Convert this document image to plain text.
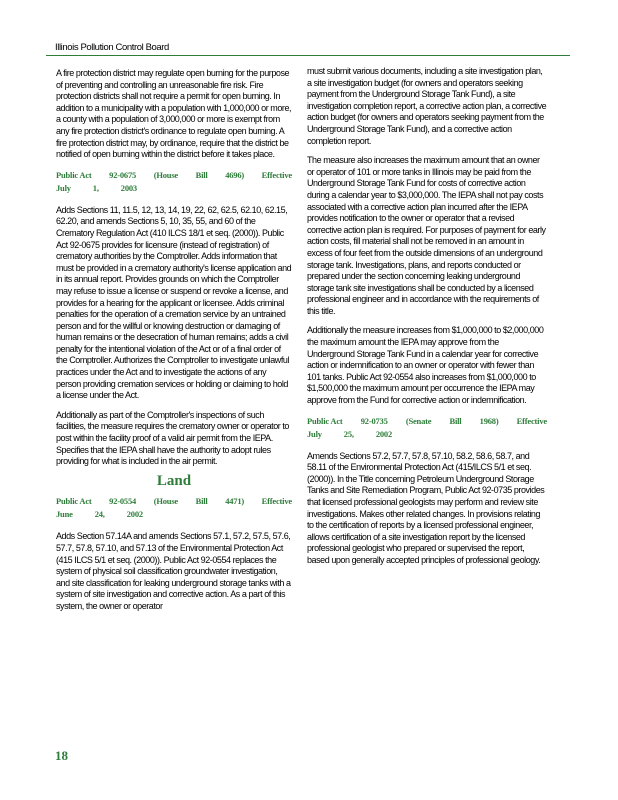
Illinois Pollution Control Board

A fire protection district may regulate open burning for the purpose of preventing and controlling an unreasonable fire risk. Fire protection districts shall not require a permit for open burning. In addition to a municipality with a population with 1,000,000 or more, a county with a population of 3,000,000 or more is exempt from any fire protection district's ordinance to regulate open burning. A fire protection district may, by ordinance, require that the district be notified of open burning within the district before it takes place.

Public Act 92-0675 (House Bill 4696) Effective
July	1,	2003

Adds Sections 11, 11.5, 12, 13, 14, 19, 22, 62, 62.5, 62.10, 62.15, 62.20, and amends Sections 5, 10, 35, 55, and 60 of the Crematory Regulation Act (410 ILCS 18/1 et seq. (2000)). Public Act 92-0675 provides for licensure (instead of registration) of crematory authorities by the Comptroller. Adds information that must be provided in a crematory authority's license application and in its annual report. Provides grounds on which the Comptroller may refuse to issue a license or suspend or revoke a license, and provides for a hearing for the applicant or licensee. Adds criminal penalties for the operation of a cremation service by an untrained person and for the willful or knowing destruction or damaging of human remains or the desecration of human remains; adds a civil penalty for the intentional violation of the Act or of a final order of the Comptroller. Authorizes the Comptroller to investigate unlawful practices under the Act and to investigate the actions of any person providing cremation services or holding or claiming to hold a license under the Act.

Additionally as part of the Comptroller's inspections of such facilities, the measure requires the crematory owner or operator to post within the facility proof of a valid air permit from the IEPA. Specifies that the IEPA shall have the authority to adopt rules providing for what is included in the air permit.

Land
Public Act 92-0554 (House Bill 4471) Effective
June	24,	2002

Adds Section 57.14A and amends Sections 57.1, 57.2, 57.5, 57.6, 57.7, 57.8, 57.10, and 57.13 of the Environmental Protection Act (415 ILCS 5/1 et seq. (2000)). Public Act 92-0554 replaces the system of physical soil classification groundwater investigation, and site classification for leaking underground storage tanks with a system of site investigation and corrective action. As a part of this system, the owner or operator

must submit various documents, including a site investigation plan, a site investigation budget (for owners and operators seeking payment from the Underground Storage Tank Fund), a site investigation completion report, a corrective action plan, a corrective action budget (for owners and operators seeking payment from the Underground Storage Tank Fund), and a corrective action completion report.

The measure also increases the maximum amount that an owner or operator of 101 or more tanks in Illinois may be paid from the Underground Storage Tank Fund for costs of corrective action during a calendar year to $3,000,000. The IEPA shall not pay costs associated with a corrective action plan incurred after the IEPA provides notification to the owner or operator that a revised corrective action plan is required. For purposes of payment for early action costs, fill material shall not be removed in an amount in excess of four feet from the outside dimensions of an underground storage tank. Investigations, plans, and reports conducted or prepared under the section concerning leaking underground storage tank site investigations shall be conducted by a licensed professional engineer and in accordance with the requirements of this title.

Additionally the measure increases from $1,000,000 to $2,000,000 the maximum amount the IEPA may approve from the Underground Storage Tank Fund in a calendar year for corrective action or indemnification to an owner or operator with fewer than 101 tanks. Public Act 92-0554 also increases from $1,000,000 to $1,500,000 the maximum amount per occurrence the IEPA may approve from the Fund for corrective action or indemnification.

Public Act 92-0735 (Senate Bill 1968) Effective
July	25,	2002

Amends Sections 57.2, 57.7, 57.8, 57.10, 58.2, 58.6, 58.7, and 58.11 of the Environmental Protection Act (415/ILCS 5/1 et seq. (2000)). In the Title concerning Petroleum Underground Storage Tanks and Site Remediation Program, Public Act 92-0735 provides that licensed professional geologists may perform and review site investigations. Makes other related changes. In provisions relating to the certification of reports by a licensed professional engineer, allows certification of a site investigation report by the licensed professional geologist who prepared or supervised the report, based upon generally accepted principles of professional geology.

18
